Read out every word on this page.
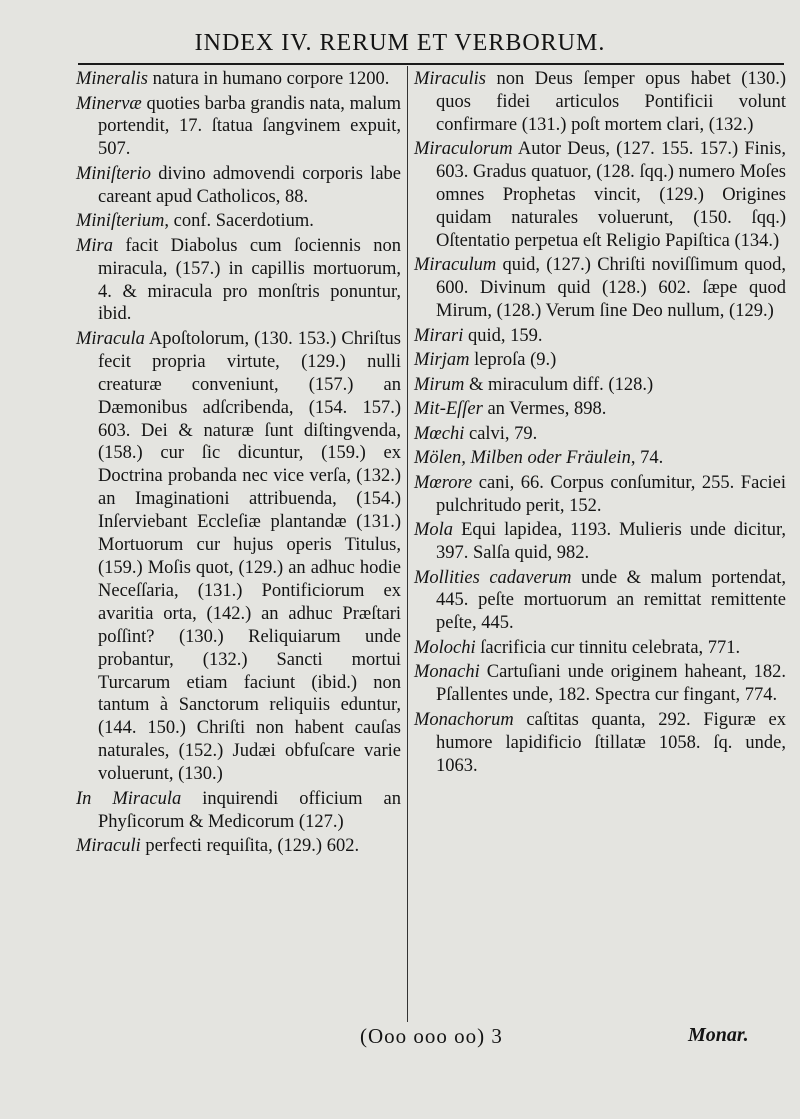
INDEX IV. RERUM ET VERBORUM.

Mineralis natura in humano corpore 1200.

Minervæ quoties barba grandis nata, malum portendit, 17. ſtatua ſangvinem expuit, 507.

Miniſterio divino admovendi corporis labe careant apud Catholicos, 88.

Miniſterium, conf. Sacerdotium.

Mira facit Diabolus cum ſociennis non miracula, (157.) in capillis mortuorum, 4. & miracula pro monſtris ponuntur, ibid.

Miracula Apoſtolorum, (130. 153.) Chriſtus fecit propria virtute, (129.) nulli creaturæ conveniunt, (157.) an Dæmonibus adſcribenda, (154. 157.) 603. Dei & naturæ ſunt diſtingvenda, (158.) cur ſic dicuntur, (159.) ex Doctrina probanda nec vice verſa, (132.) an Imaginationi attribuenda, (154.) Inſerviebant Eccleſiæ plantandæ (131.) Mortuorum cur hujus operis Titulus, (159.) Moſis quot, (129.) an adhuc hodie Neceſſaria, (131.) Pontificiorum ex avaritia orta, (142.) an adhuc Præſtari poſſint? (130.) Reliquiarum unde probantur, (132.) Sancti mortui Turcarum etiam faciunt (ibid.) non tantum à Sanctorum reliquiis eduntur, (144. 150.) Chriſti non habent cauſas naturales, (152.) Judæi obfuſcare varie voluerunt, (130.)

In Miracula inquirendi officium an Phyſicorum & Medicorum (127.)

Miraculi perfecti requiſita, (129.) 602.

Miraculis non Deus ſemper opus habet (130.) quos fidei articulos Pontificii volunt confirmare (131.) poſt mortem clari, (132.)

Miraculorum Autor Deus, (127. 155. 157.) Finis, 603. Gradus quatuor, (128. ſqq.) numero Moſes omnes Prophetas vincit, (129.) Origines quidam naturales voluerunt, (150. ſqq.) Oſtentatio perpetua eſt Religio Papiſtica (134.)

Miraculum quid, (127.) Chriſti noviſſimum quod, 600. Divinum quid (128.) 602. ſæpe quod Mirum, (128.) Verum ſine Deo nullum, (129.)

Mirari quid, 159.

Mirjam leproſa (9.)

Mirum & miraculum diff. (128.)

Mit-Eſſer an Vermes, 898.

Mœchi calvi, 79.

Mölen, Milben oder Fräulein, 74.

Mœrore cani, 66. Corpus conſumitur, 255. Faciei pulchritudo perit, 152.

Mola Equi lapidea, 1193. Mulieris unde dicitur, 397. Salſa quid, 982.

Mollities cadaverum unde & malum portendat, 445. peſte mortuorum an remittat remittente peſte, 445.

Molochi ſacrificia cur tinnitu celebrata, 771.

Monachi Cartuſiani unde originem haheant, 182. Pſallentes unde, 182. Spectra cur fingant, 774.

Monachorum caſtitas quanta, 292. Figuræ ex humore lapidificio ſtillatæ 1058. ſq. unde, 1063.

(Ooo ooo oo) 3	Monar.
